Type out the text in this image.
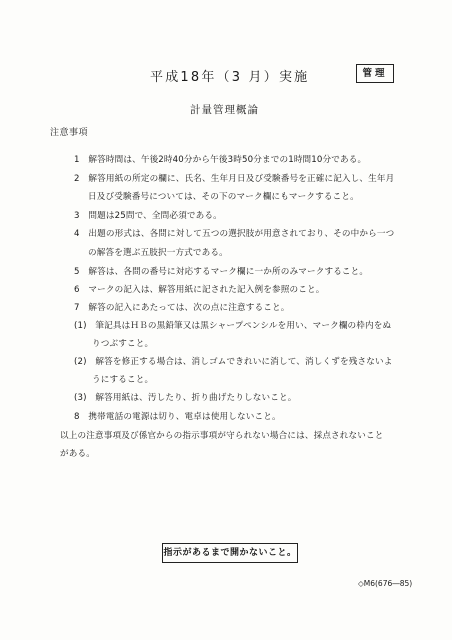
平成18年（3 月）実施	管理
計量管理概論
注意事項
1　解答時間は、午後2時40分から午後3時50分までの1時間10分である。
2　解答用紙の所定の欄に、氏名、生年月日及び受験番号を正確に記入し、生年月
日及び受験番号については、その下のマーク欄にもマークすること。
3　問題は25問で、全問必須である。
4　出題の形式は、各問に対して五つの選択肢が用意されており、その中から一つ
の解答を選ぶ五肢択一方式である。
5　解答は、各問の番号に対応するマーク欄に一か所のみマークすること。
6　マークの記入は、解答用紙に記された記入例を参照のこと。
7　解答の記入にあたっては、次の点に注意すること。
(1)　筆記具はＨＢの黒鉛筆又は黒シャープペンシルを用い、マーク欄の枠内をぬ
りつぶすこと。
(2)　解答を修正する場合は、消しゴムできれいに消して、消しくずを残さないよ
うにすること。
(3)　解答用紙は、汚したり、折り曲げたりしないこと。
8　携帯電話の電源は切り、電卓は使用しないこと。
以上の注意事項及び係官からの指示事項が守られない場合には、採点されないこと
がある。
指示があるまで開かないこと。
◇M6(676―85)
